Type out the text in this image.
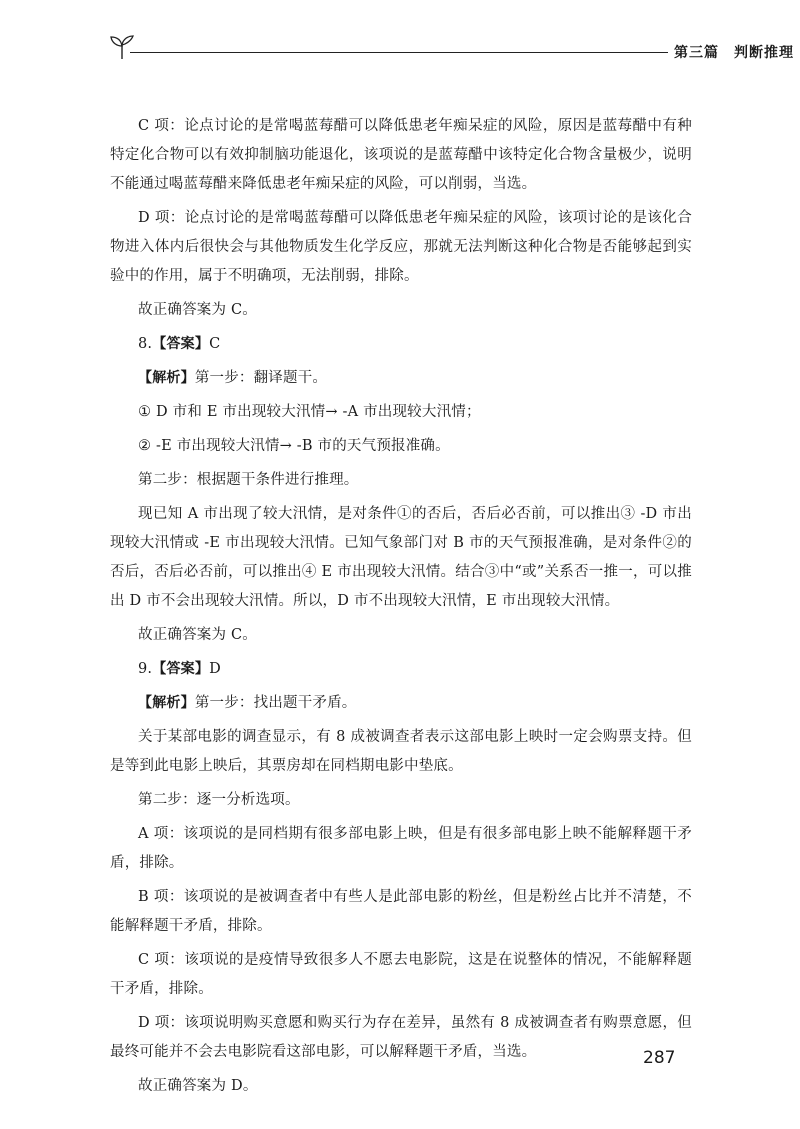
第三篇　判断推理

C 项：论点讨论的是常喝蓝莓醋可以降低患老年痴呆症的风险，原因是蓝莓醋中有种特定化合物可以有效抑制脑功能退化，该项说的是蓝莓醋中该特定化合物含量极少，说明不能通过喝蓝莓醋来降低患老年痴呆症的风险，可以削弱，当选。

D 项：论点讨论的是常喝蓝莓醋可以降低患老年痴呆症的风险，该项讨论的是该化合物进入体内后很快会与其他物质发生化学反应，那就无法判断这种化合物是否能够起到实验中的作用，属于不明确项，无法削弱，排除。

故正确答案为 C。

8.【答案】C

【解析】第一步：翻译题干。

① D 市和 E 市出现较大汛情→ -A 市出现较大汛情；

② -E 市出现较大汛情→ -B 市的天气预报准确。

第二步：根据题干条件进行推理。

现已知 A 市出现了较大汛情，是对条件①的否后，否后必否前，可以推出③ -D 市出现较大汛情或 -E 市出现较大汛情。已知气象部门对 B 市的天气预报准确，是对条件②的否后，否后必否前，可以推出④ E 市出现较大汛情。结合③中“或”关系否一推一，可以推出 D 市不会出现较大汛情。所以，D 市不出现较大汛情，E 市出现较大汛情。

故正确答案为 C。

9.【答案】D

【解析】第一步：找出题干矛盾。

关于某部电影的调查显示，有 8 成被调查者表示这部电影上映时一定会购票支持。但是等到此电影上映后，其票房却在同档期电影中垫底。

第二步：逐一分析选项。

A 项：该项说的是同档期有很多部电影上映，但是有很多部电影上映不能解释题干矛盾，排除。

B 项：该项说的是被调查者中有些人是此部电影的粉丝，但是粉丝占比并不清楚，不能解释题干矛盾，排除。

C 项：该项说的是疫情导致很多人不愿去电影院，这是在说整体的情况，不能解释题干矛盾，排除。

D 项：该项说明购买意愿和购买行为存在差异，虽然有 8 成被调查者有购票意愿，但最终可能并不会去电影院看这部电影，可以解释题干矛盾，当选。

故正确答案为 D。

287
